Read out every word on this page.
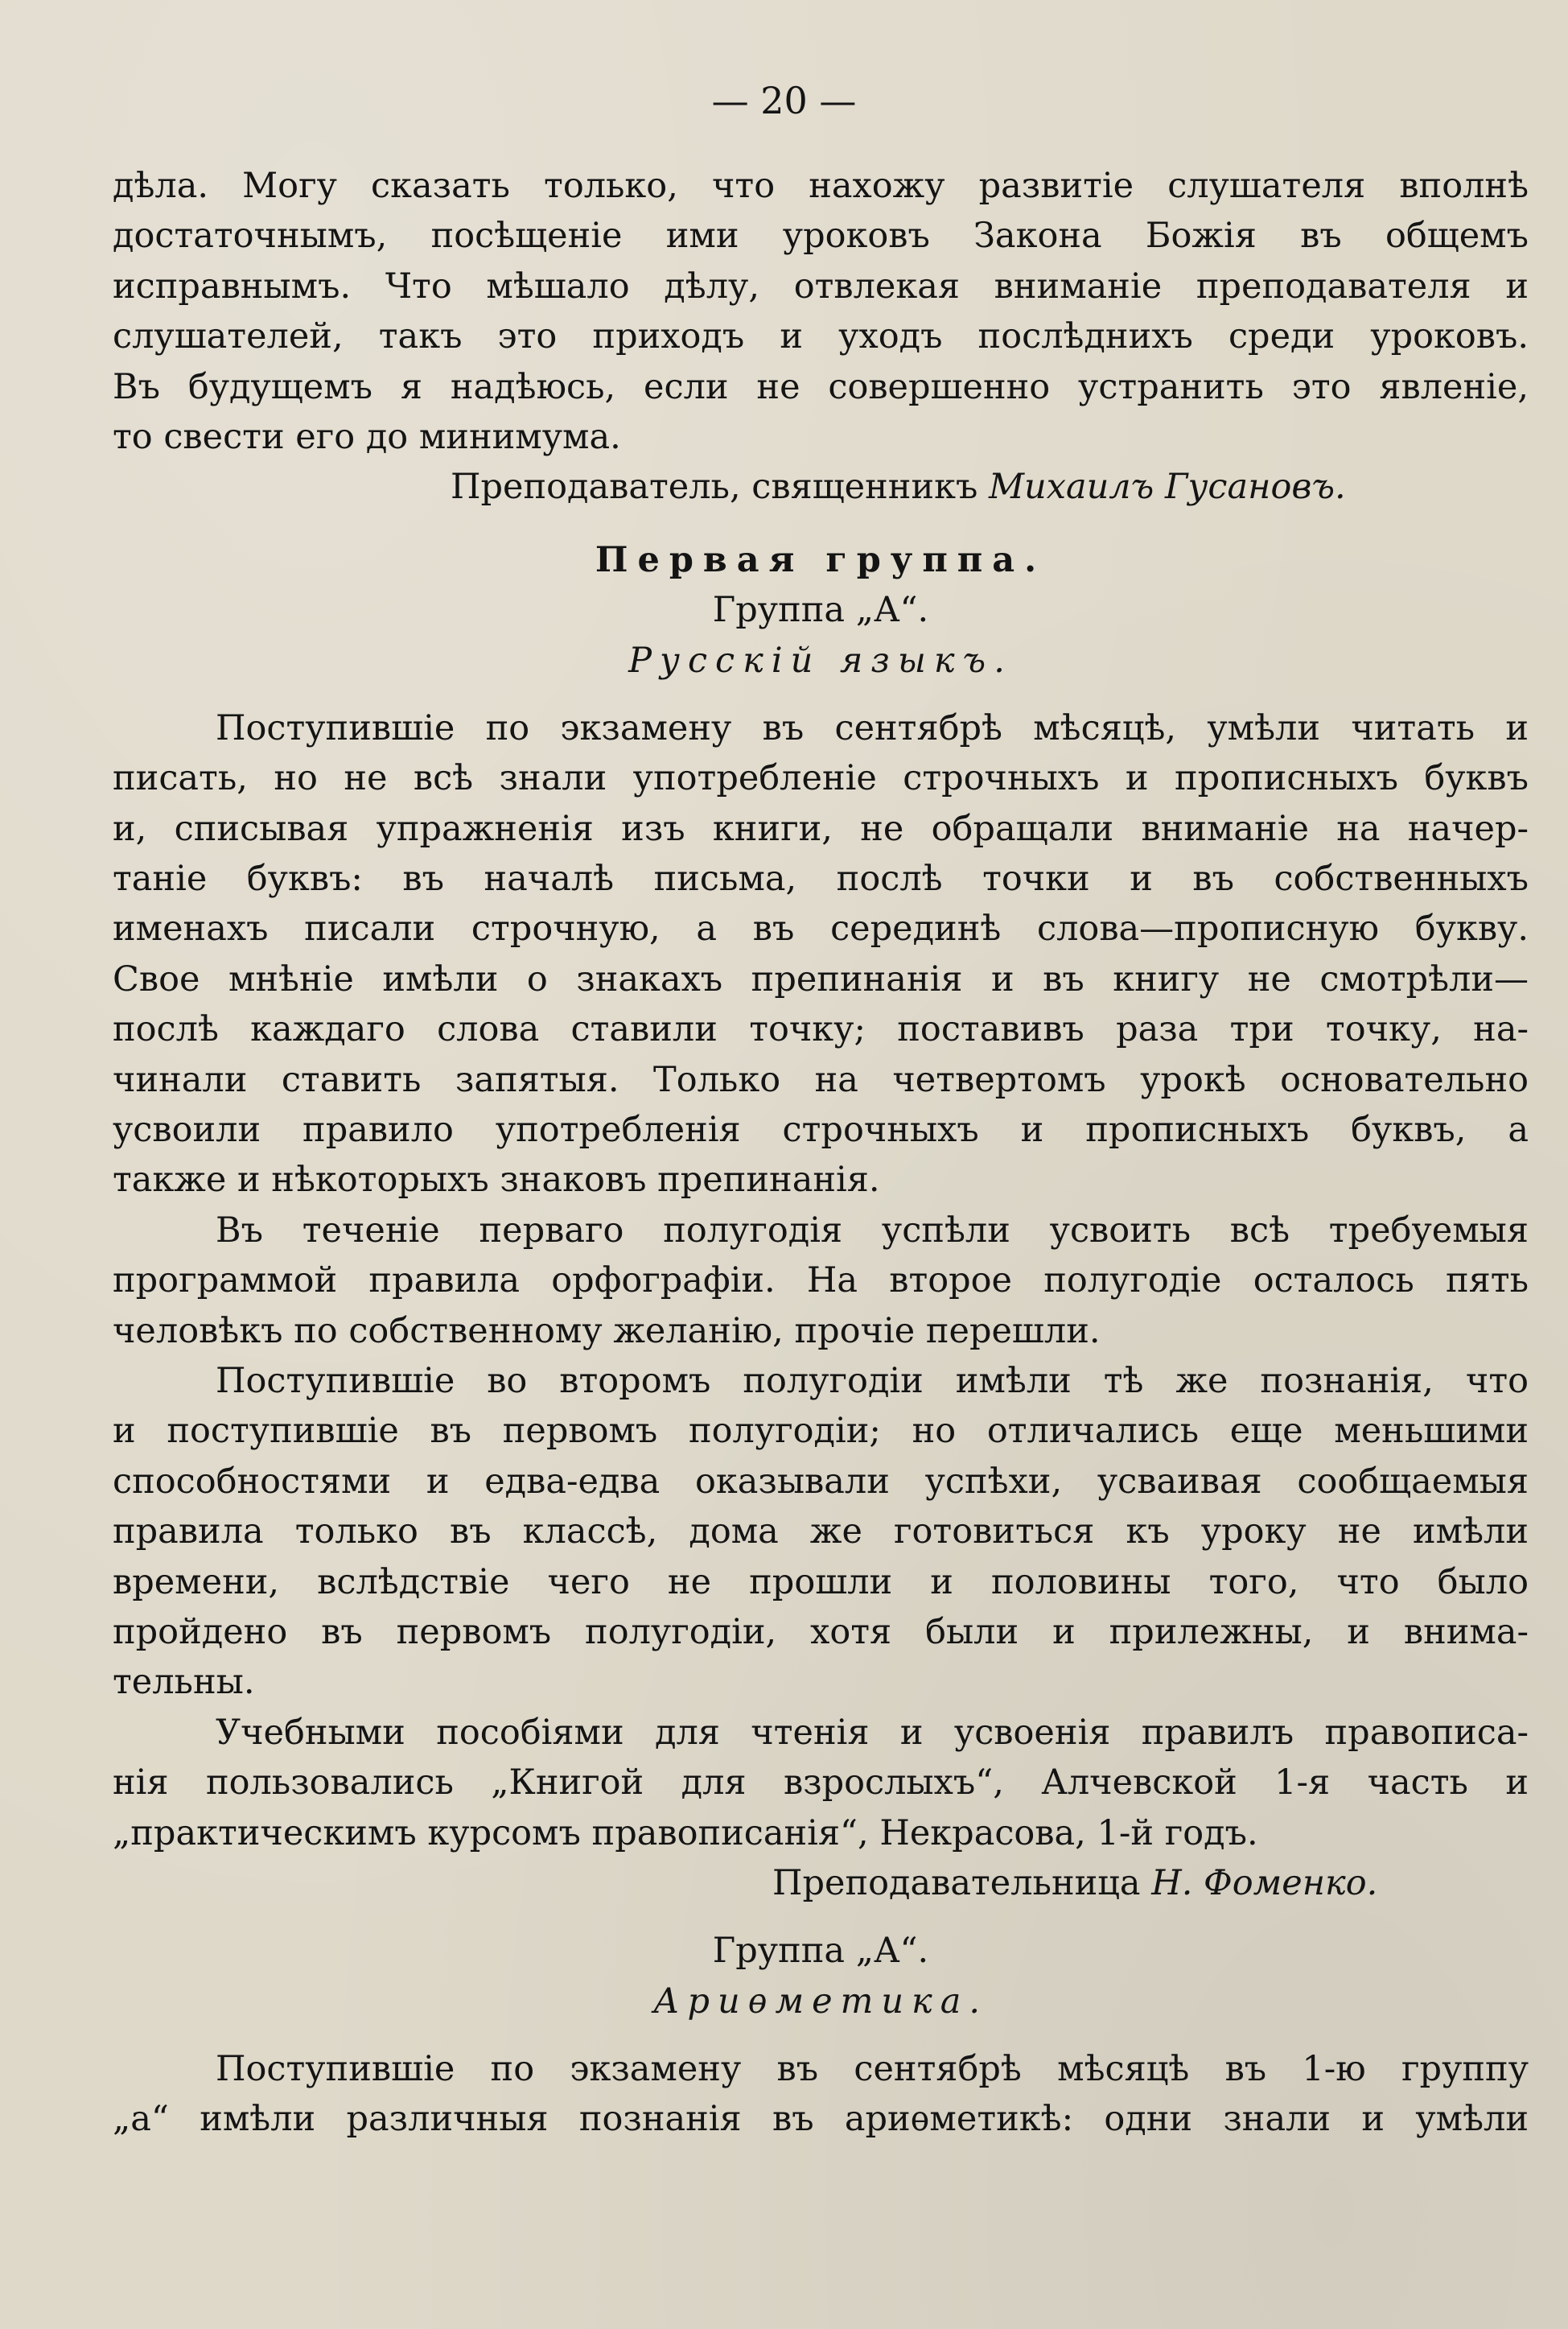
— 20 —
дѣла. Могу сказать только, что нахожу развитіе слушателя вполнѣ
достаточнымъ, посѣщеніе ими уроковъ Закона Божія въ общемъ
исправнымъ. Что мѣшало дѣлу, отвлекая вниманіе преподавателя и
слушателей, такъ это приходъ и уходъ послѣднихъ среди уроковъ.
Въ будущемъ я надѣюсь, если не совершенно устранить это явленіе,
то свести его до минимума.
Преподаватель, священникъ Михаилъ Гусановъ.
Первая группа.
Группа „А“.
Русскій языкъ.
Поступившіе по экзамену въ сентябрѣ мѣсяцѣ, умѣли читать и
писать, но не всѣ знали употребленіе строчныхъ и прописныхъ буквъ
и, списывая упражненія изъ книги, не обращали вниманіе на начер-
таніе буквъ: въ началѣ письма, послѣ точки и въ собственныхъ
именахъ писали строчную, а въ серединѣ слова—прописную букву.
Свое мнѣніе имѣли о знакахъ препинанія и въ книгу не смотрѣли—
послѣ каждаго слова ставили точку; поставивъ раза три точку, на-
чинали ставить запятыя. Только на четвертомъ урокѣ основательно
усвоили правило употребленія строчныхъ и прописныхъ буквъ, а
также и нѣкоторыхъ знаковъ препинанія.
Въ теченіе перваго полугодія успѣли усвоить всѣ требуемыя
программой правила орфографіи. На второе полугодіе осталось пять
человѣкъ по собственному желанію, прочіе перешли.
Поступившіе во второмъ полугодіи имѣли тѣ же познанія, что
и поступившіе въ первомъ полугодіи; но отличались еще меньшими
способностями и едва-едва оказывали успѣхи, усваивая сообщаемыя
правила только въ классѣ, дома же готовиться къ уроку не имѣли
времени, вслѣдствіе чего не прошли и половины того, что было
пройдено въ первомъ полугодіи, хотя были и прилежны, и внима-
тельны.
Учебными пособіями для чтенія и усвоенія правилъ правописа-
нія пользовались „Книгой для взрослыхъ“, Алчевской 1-я часть и
„практическимъ курсомъ правописанія“, Некрасова, 1-й годъ.
Преподавательница Н. Фоменко.
Группа „А“.
Ариѳметика.
Поступившіе по экзамену въ сентябрѣ мѣсяцѣ въ 1-ю группу
„а“ имѣли различныя познанія въ ариѳметикѣ: одни знали и умѣли
